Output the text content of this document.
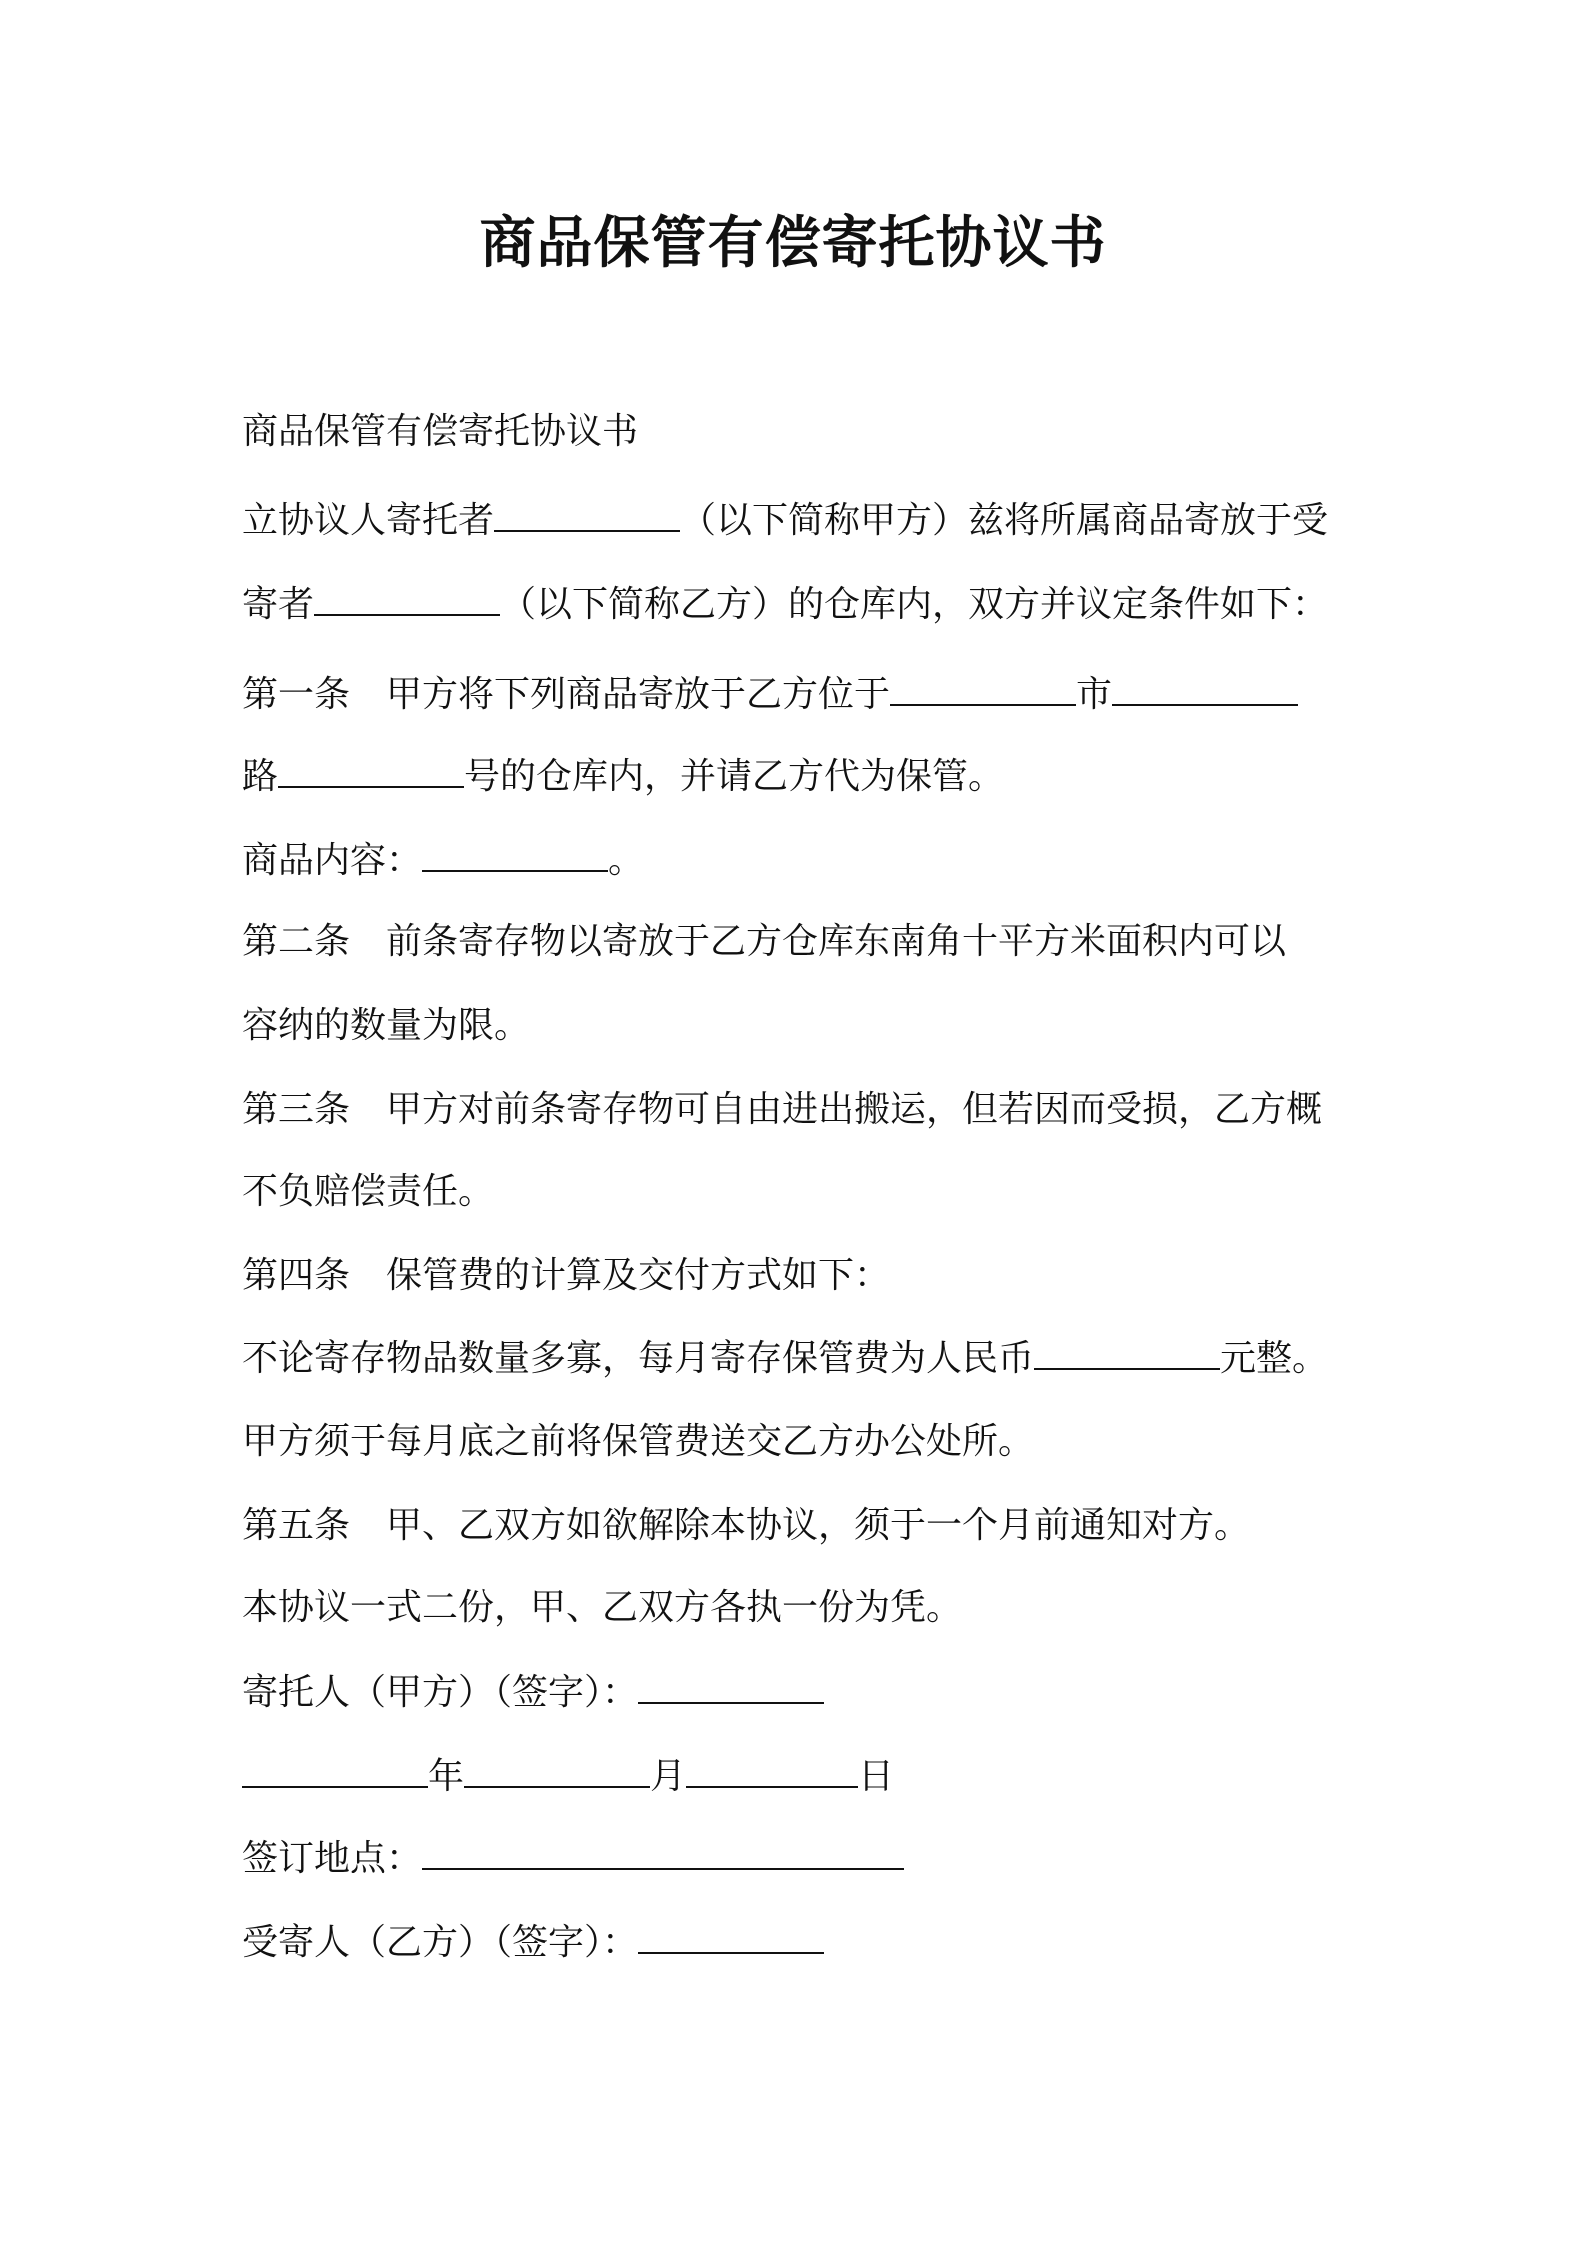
商品保管有偿寄托协议书

商品保管有偿寄托协议书

立协议人寄托者	（以下简称甲方）兹将所属商品寄放于受

寄者	（以下简称乙方）的仓库内，双方并议定条件如下：

第一条 甲方将下列商品寄放于乙方位于	市

路	号的仓库内，并请乙方代为保管。

商品内容：	。

第二条 前条寄存物以寄放于乙方仓库东南角十平方米面积内可以

容纳的数量为限。

第三条 甲方对前条寄存物可自由进出搬运，但若因而受损，乙方概

不负赔偿责任。

第四条 保管费的计算及交付方式如下：

不论寄存物品数量多寡，每月寄存保管费为人民币	元整。

甲方须于每月底之前将保管费送交乙方办公处所。

第五条 甲、乙双方如欲解除本协议，须于一个月前通知对方。

本协议一式二份，甲、乙双方各执一份为凭。

寄托人（甲方）（签字）：

年	月	日

签订地点：

受寄人（乙方）（签字）：
